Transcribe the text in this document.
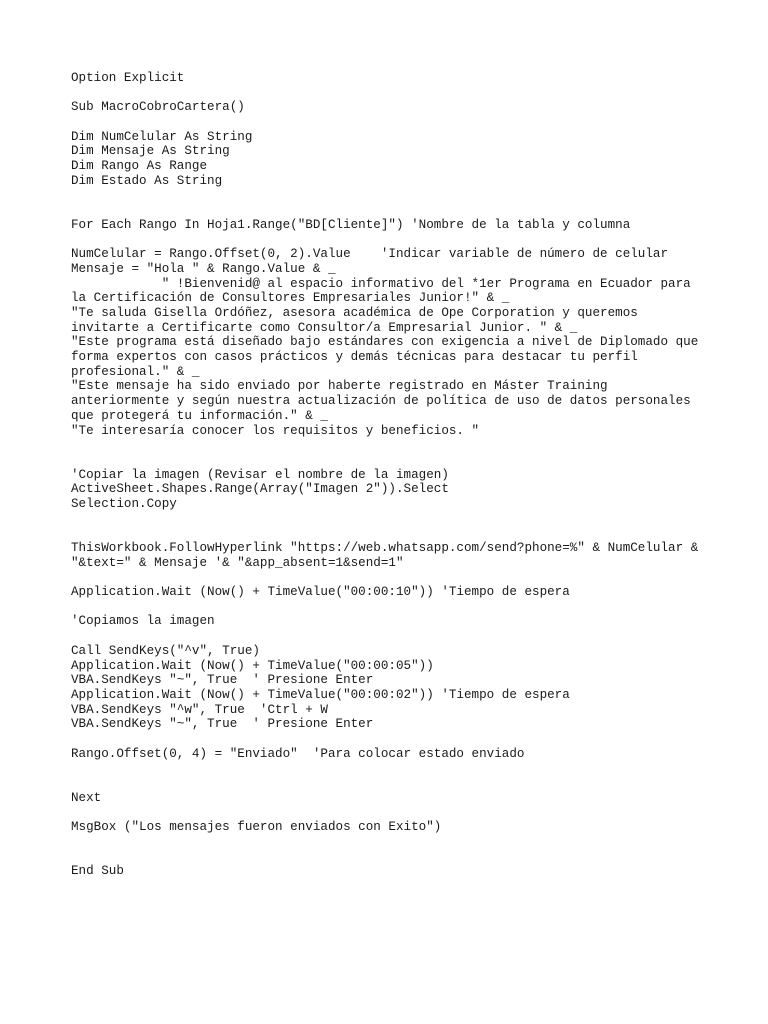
Option Explicit
Sub MacroCobroCartera()
Dim NumCelular As String
Dim Mensaje As String
Dim Rango As Range
Dim Estado As String
For Each Rango In Hoja1.Range("BD[Cliente]") 'Nombre de la tabla y columna
NumCelular = Rango.Offset(0, 2).Value    'Indicar variable de número de celular
Mensaje = "Hola " & Rango.Value & _
" !Bienvenid@ al espacio informativo del *1er Programa en Ecuador para
la Certificación de Consultores Empresariales Junior!" & _
"Te saluda Gisella Ordóñez, asesora académica de Ope Corporation y queremos
invitarte a Certificarte como Consultor/a Empresarial Junior. " & _
"Este programa está diseñado bajo estándares con exigencia a nivel de Diplomado que
forma expertos con casos prácticos y demás técnicas para destacar tu perfil
profesional." & _
"Este mensaje ha sido enviado por haberte registrado en Máster Training
anteriormente y según nuestra actualización de política de uso de datos personales
que protegerá tu información." & _
"Te interesaría conocer los requisitos y beneficios. "
'Copiar la imagen (Revisar el nombre de la imagen)
ActiveSheet.Shapes.Range(Array("Imagen 2")).Select
Selection.Copy
ThisWorkbook.FollowHyperlink "https://web.whatsapp.com/send?phone=%" & NumCelular &
"&text=" & Mensaje '& "&app_absent=1&send=1"
Application.Wait (Now() + TimeValue("00:00:10")) 'Tiempo de espera
'Copiamos la imagen
Call SendKeys("^v", True)
Application.Wait (Now() + TimeValue("00:00:05"))
VBA.SendKeys "~", True  ' Presione Enter
Application.Wait (Now() + TimeValue("00:00:02")) 'Tiempo de espera
VBA.SendKeys "^w", True  'Ctrl + W
VBA.SendKeys "~", True  ' Presione Enter
Rango.Offset(0, 4) = "Enviado"  'Para colocar estado enviado
Next
MsgBox ("Los mensajes fueron enviados con Exito")
End Sub
